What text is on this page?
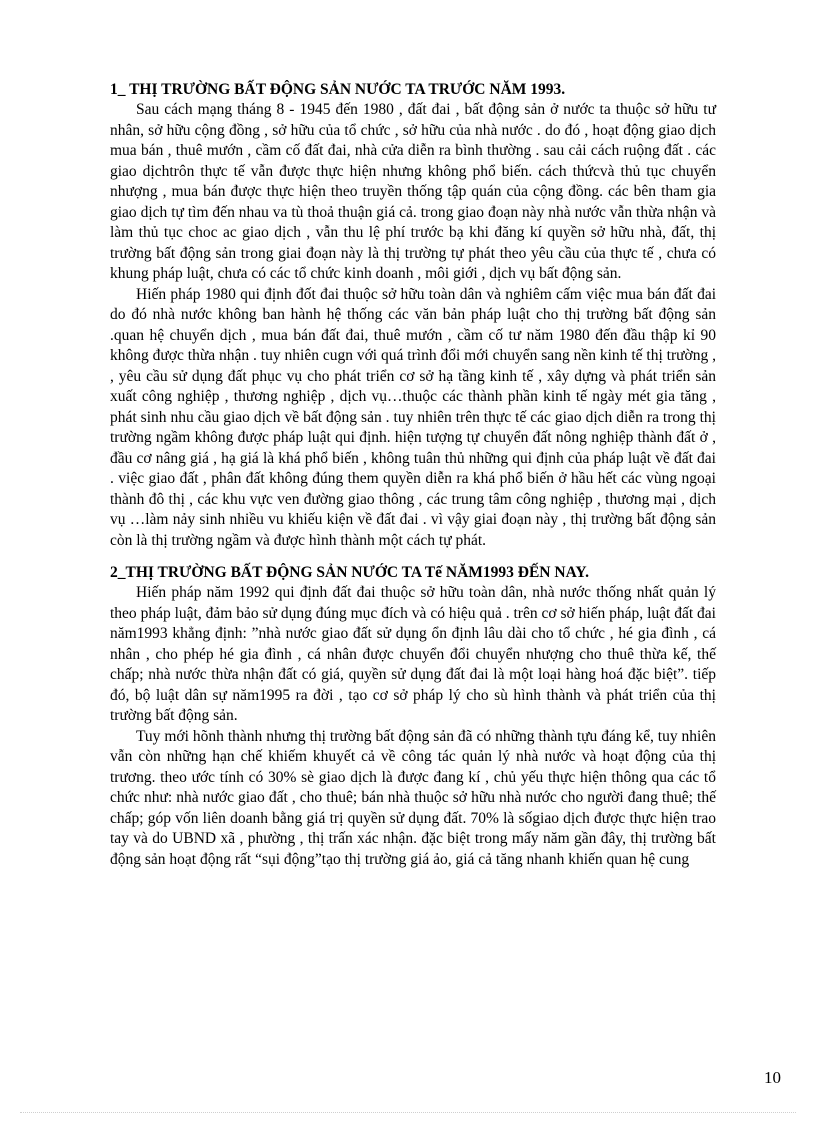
1_ THỊ TRƯỜNG BẤT ĐỘNG SẢN NƯỚC TA TRƯỚC NĂM 1993.

Sau cách mạng tháng 8 - 1945 đến 1980 , đất đai , bất động sản ở nước ta thuộc sở hữu tư nhân, sở hữu cộng đồng , sở hữu của tổ chức , sở hữu của nhà nước . do đó , hoạt động giao dịch mua bán , thuê mướn , cầm cố đất đai, nhà cửa diễn ra bình thường . sau cải cách ruộng đất . các giao dịchtrôn thực tế vẫn được thực hiện nhưng không phổ biến. cách thứcvà thủ tục chuyển nhượng , mua bán được thực hiện theo truyền thống tập quán của cộng đồng. các bên tham gia giao dịch tự tìm đến nhau va tù thoả thuận giá cả. trong giao đoạn này nhà nước vẫn thừa nhận và làm thủ tục choc ac giao dịch , vẫn thu lệ phí trước bạ khi đăng kí quyền sở hữu nhà, đất, thị trường bất động sản trong giai đoạn này là thị trường tự phát theo yêu cầu của thực tế , chưa có khung pháp luật, chưa có các tổ chức kinh doanh , môi giới , dịch vụ bất động sản.

Hiến pháp 1980 qui định đốt đai thuộc sở hữu toàn dân và nghiêm cấm việc mua bán đất đai do đó nhà nước không ban hành hệ thống các văn bản pháp luật cho thị trường bất động sản .quan hệ chuyển dịch , mua bán đất đai, thuê mướn , cầm cố tư năm 1980 đến đầu thập kỉ 90 không được thừa nhận . tuy nhiên cugn với quá trình đổi mới chuyển sang nền kinh tế thị trường , , yêu cầu sử dụng đất phục vụ cho phát triển cơ sở hạ tầng kinh tế , xây dựng và phát triển sản xuất công nghiệp , thương nghiệp , dịch vụ…thuộc các thành phần kinh tế ngày mét gia tăng , phát sinh nhu cầu giao dịch về bất động sản . tuy nhiên trên thực tế các giao dịch diễn ra trong thị trường ngầm không được pháp luật qui định. hiện tượng tự chuyển đất nông nghiệp thành đất ở , đầu cơ nâng giá , hạ giá là khá phổ biến , không tuân thủ những qui định của pháp luật về đất đai . việc giao đất , phân đất không đúng them quyền diễn ra khá phổ biến ở hầu hết các vùng ngoại thành đô thị , các khu vực ven đường giao thông , các trung tâm công nghiệp , thương mại , dịch vụ …làm nảy sinh nhiều vu khiếu kiện về đất đai . vì vậy giai đoạn này , thị trường bất động sản còn là thị trường ngầm và được hình thành một cách tự phát.

2_THỊ TRƯỜNG BẤT ĐỘNG SẢN NƯỚC TA Tế NĂM1993 ĐẾN NAY.

Hiến pháp năm 1992 qui định đất đai thuộc sở hữu toàn dân, nhà nước thống nhất quản lý theo pháp luật, đảm bảo sử dụng đúng mục đích và có hiệu quả . trên cơ sở hiến pháp, luật đất đai năm1993 khẳng định: ”nhà nước giao đất sử dụng ổn định lâu dài cho tổ chức , hé gia đình , cá nhân , cho phép hé gia đình , cá nhân được chuyển đổi chuyển nhượng cho thuê thừa kế, thế chấp; nhà nước thừa nhận đất có giá, quyền sử dụng đất đai là một loại hàng hoá đặc biệt”. tiếp đó, bộ luật dân sự năm1995 ra đời , tạo cơ sở pháp lý cho sù hình thành và phát triển của thị trường bất động sản.

Tuy mới hõnh thành nhưng thị trường bất động sản đã có những thành tựu đáng kể, tuy nhiên vẫn còn những hạn chế khiếm khuyết cả về công tác quản lý nhà nước và hoạt động của thị trương. theo ước tính có 30% sè giao dịch là được đang kí , chủ yếu thực hiện thông qua các tổ chức như: nhà nước giao đất , cho thuê; bán nhà thuộc sở hữu nhà nước cho người đang thuê; thế chấp; góp vốn liên doanh bằng giá trị quyền sử dụng đất. 70% là sốgiao dịch được thực hiện trao tay và do UBND xã , phường , thị trấn xác nhận. đặc biệt trong mấy năm gần đây, thị trường bất động sản hoạt động rất “sụi động”tạo thị trường giá ảo, giá cả tăng nhanh khiến quan hệ cung

10
